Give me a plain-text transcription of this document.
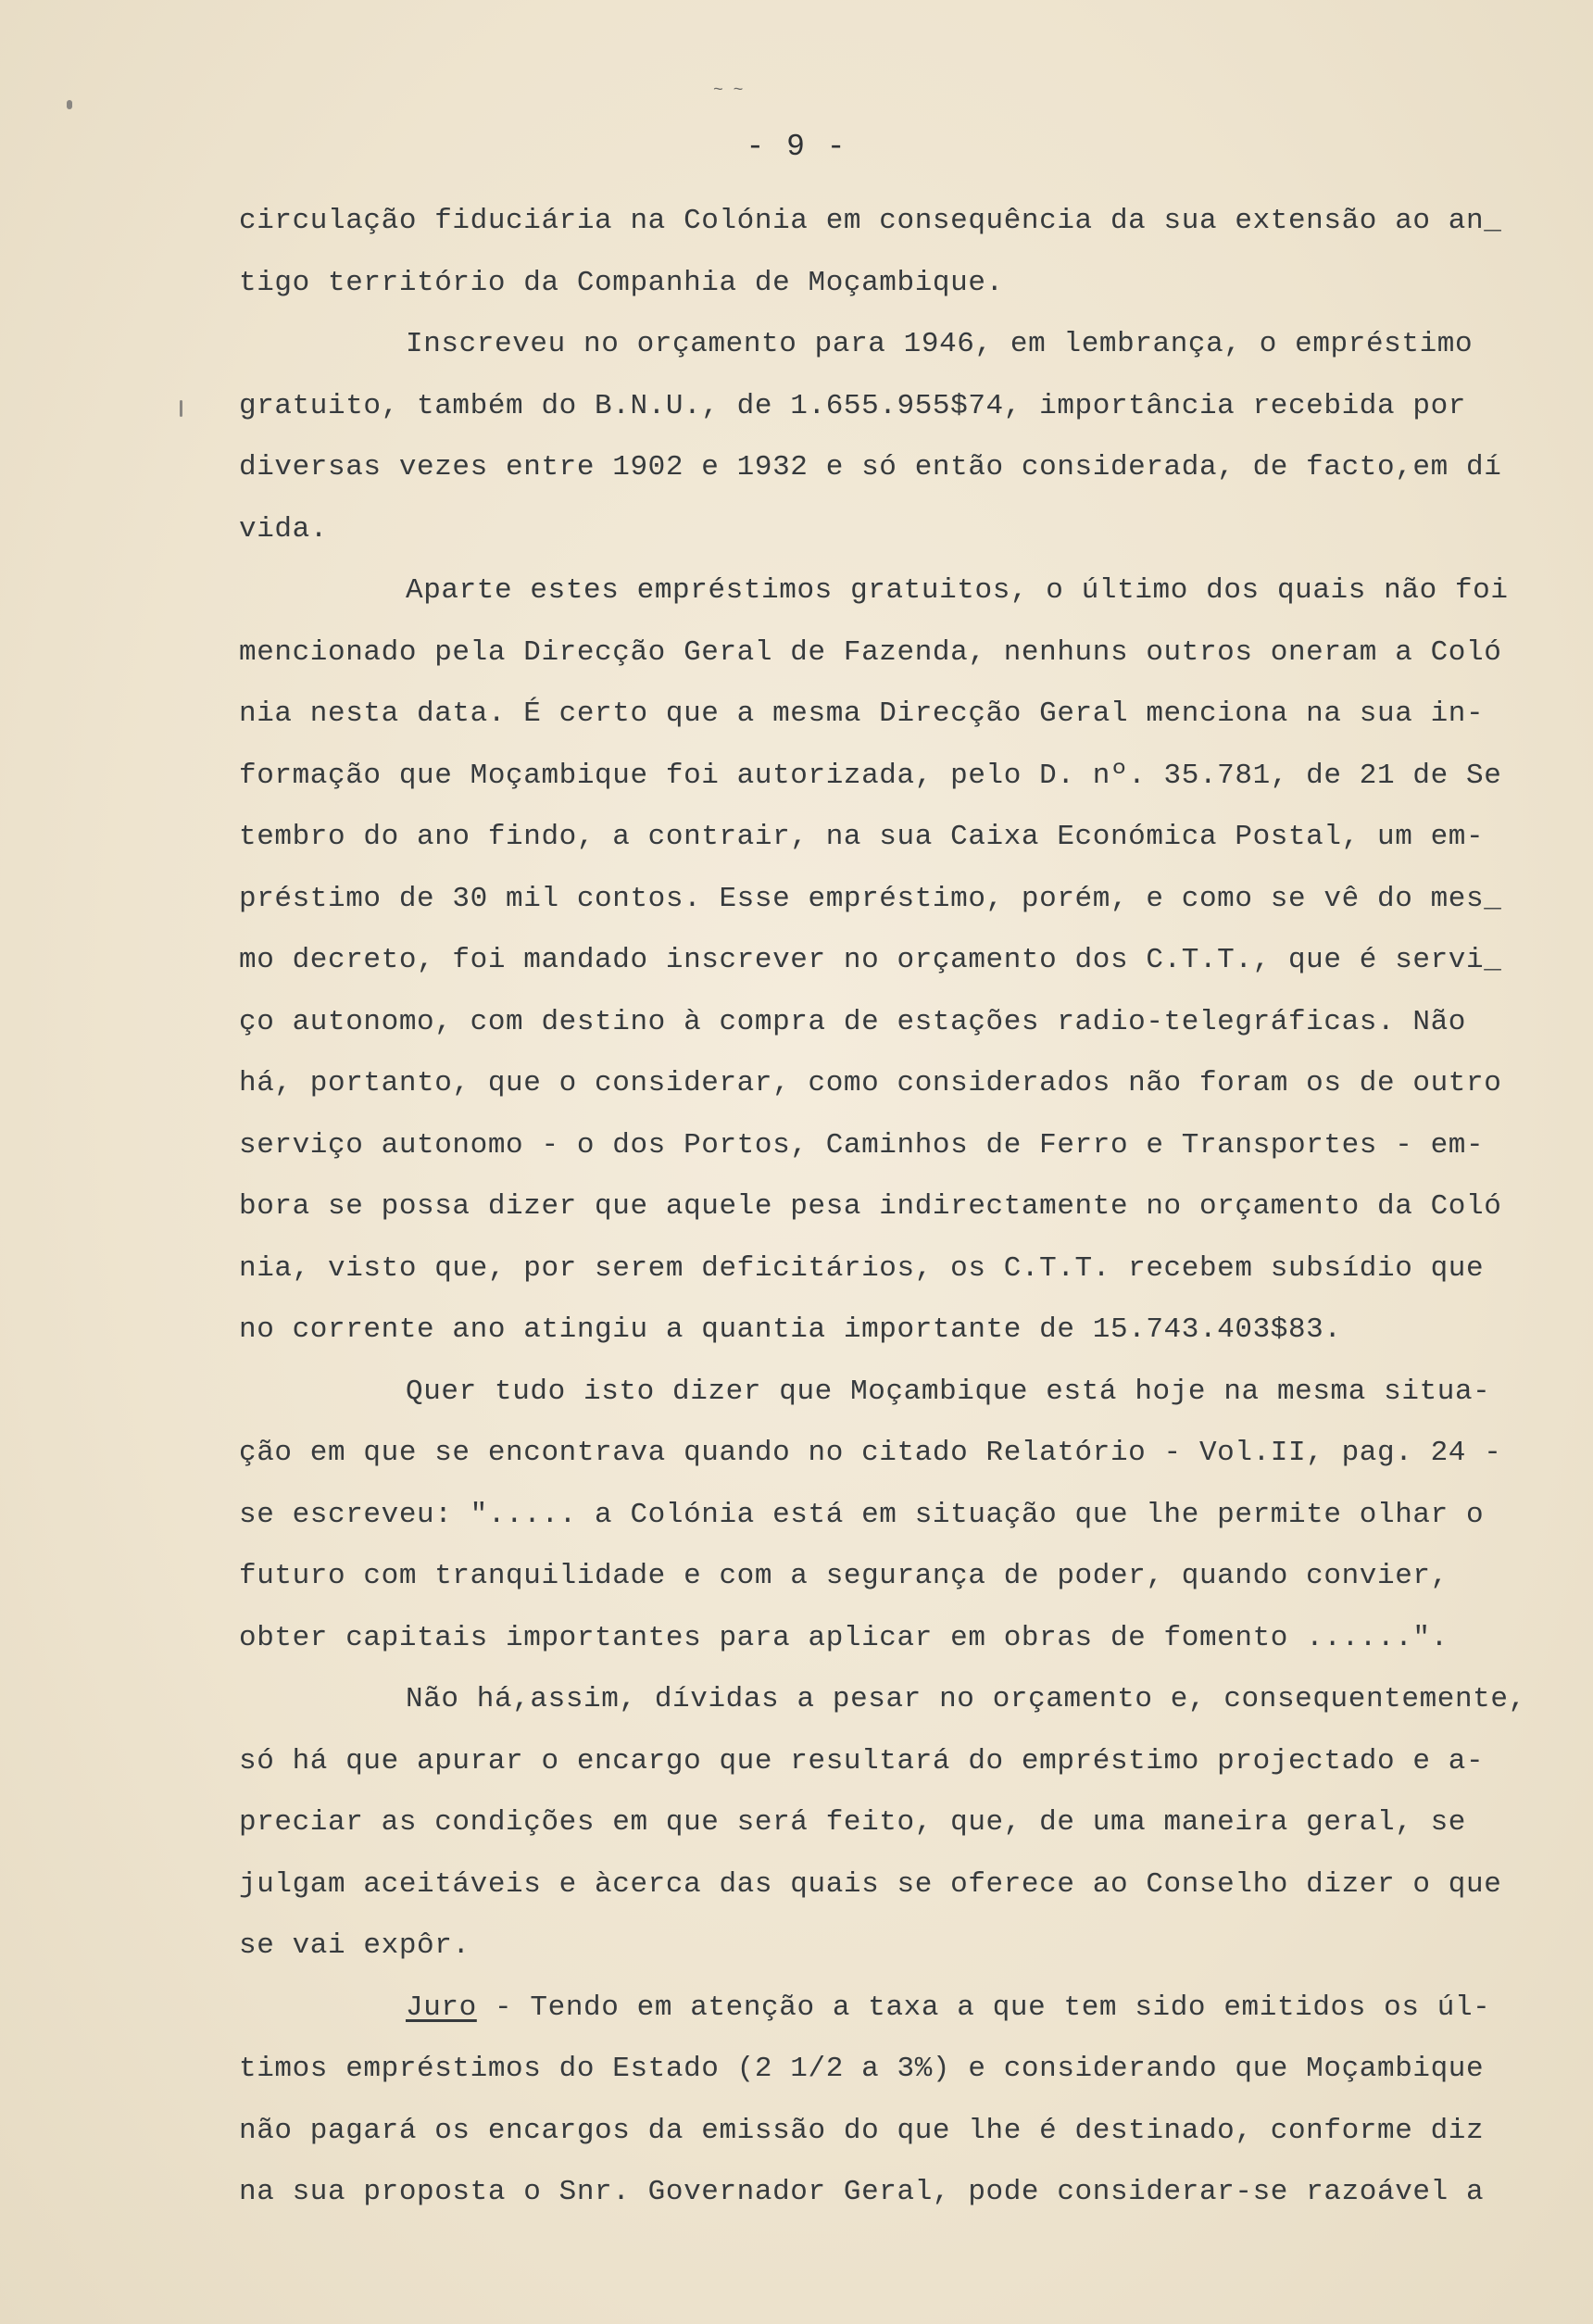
~ ~
- 9 -
circulação fiduciária na Colónia em consequência da sua extensão ao an_
tigo território da Companhia de Moçambique.
Inscreveu no orçamento para 1946, em lembrança, o empréstimo
gratuito, também do B.N.U., de 1.655.955$74, importância recebida por
diversas vezes entre 1902 e 1932 e só então considerada, de facto,em dí
vida.
Aparte estes empréstimos gratuitos, o último dos quais não foi
mencionado pela Direcção Geral de Fazenda, nenhuns outros oneram a Coló
nia nesta data. É certo que a mesma Direcção Geral menciona na sua in-
formação que Moçambique foi autorizada, pelo D. nº. 35.781, de 21 de Se
tembro do ano findo, a contrair, na sua Caixa Económica Postal, um em-
préstimo de 30 mil contos. Esse empréstimo, porém, e como se vê do mes_
mo decreto, foi mandado inscrever no orçamento dos C.T.T., que é servi_
ço autonomo, com destino à compra de estações radio-telegráficas. Não
há, portanto, que o considerar, como considerados não foram os de outro
serviço autonomo - o dos Portos, Caminhos de Ferro e Transportes - em-
bora se possa dizer que aquele pesa indirectamente no orçamento da Coló
nia, visto que, por serem deficitários, os C.T.T. recebem subsídio que
no corrente ano atingiu a quantia importante de 15.743.403$83.
Quer tudo isto dizer que Moçambique está hoje na mesma situa-
ção em que se encontrava quando no citado Relatório - Vol.II, pag. 24 -
se escreveu: "..... a Colónia está em situação que lhe permite olhar o
futuro com tranquilidade e com a segurança de poder, quando convier,
obter capitais importantes para aplicar em obras de fomento ......".
Não há,assim, dívidas a pesar no orçamento e, consequentemente,
só há que apurar o encargo que resultará do empréstimo projectado e a-
preciar as condições em que será feito, que, de uma maneira geral, se
julgam aceitáveis e àcerca das quais se oferece ao Conselho dizer o que
se vai expôr.
Juro - Tendo em atenção a taxa a que tem sido emitidos os úl-
timos empréstimos do Estado (2 1/2 a 3%) e considerando que Moçambique
não pagará os encargos da emissão do que lhe é destinado, conforme diz
na sua proposta o Snr. Governador Geral, pode considerar-se razoável a
